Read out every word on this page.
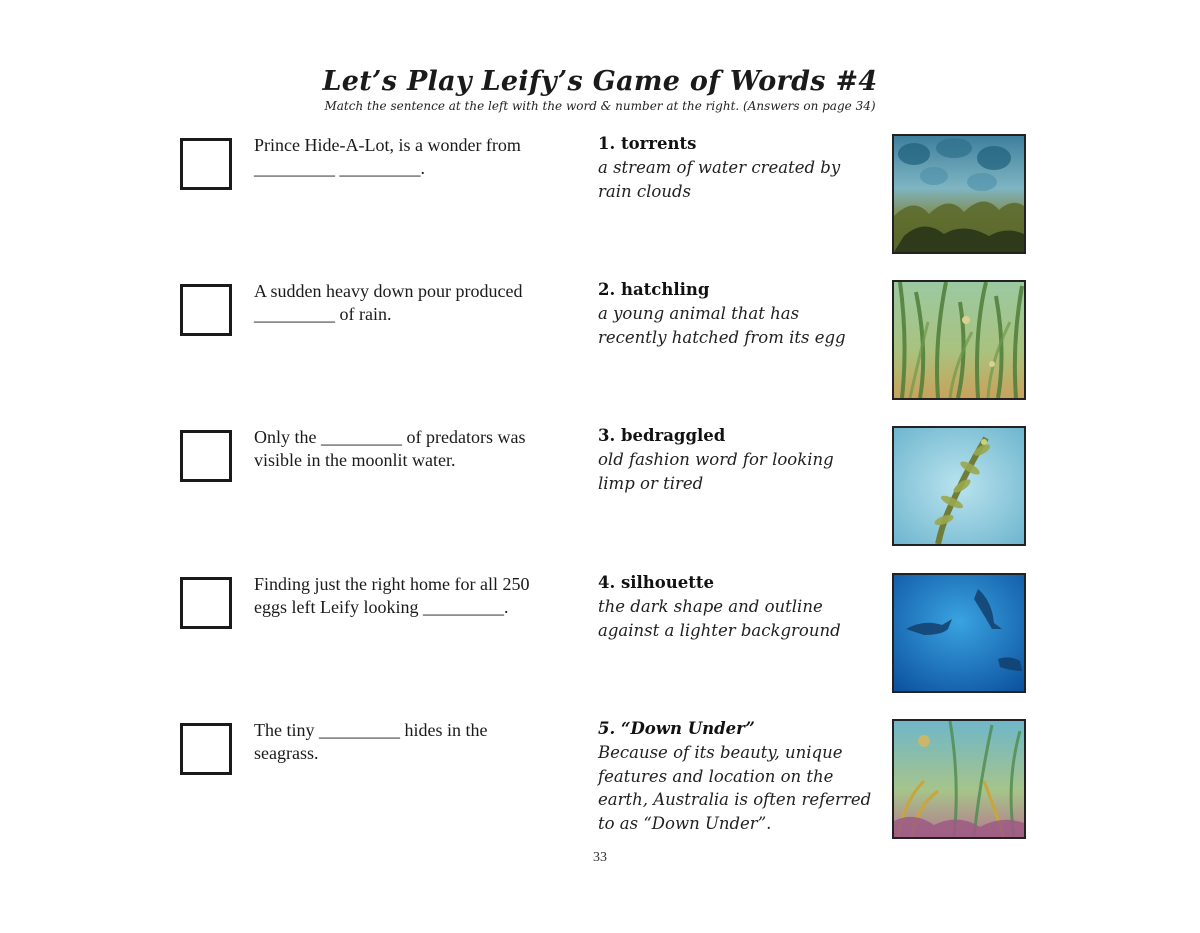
Let’s Play Leify’s Game of Words #4
Match the sentence at the left with the word & number at the right. (Answers on page 34)
Prince Hide-A-Lot, is a wonder from
_________ _________.
1. torrents
a stream of water created by
rain clouds
A sudden heavy down pour produced
_________ of rain.
2. hatchling
a young animal that has
recently hatched from its egg
Only the _________ of predators was
visible in the moonlit water.
3. bedraggled
old fashion word for looking
limp or tired
Finding just the right home for all 250
eggs left Leify looking _________.
4. silhouette
the dark shape and outline
against a lighter background
The tiny _________ hides in the
seagrass.
5. “Down Under”
Because of its beauty, unique
features and location on the
earth, Australia is often referred
to as “Down Under”.
33
